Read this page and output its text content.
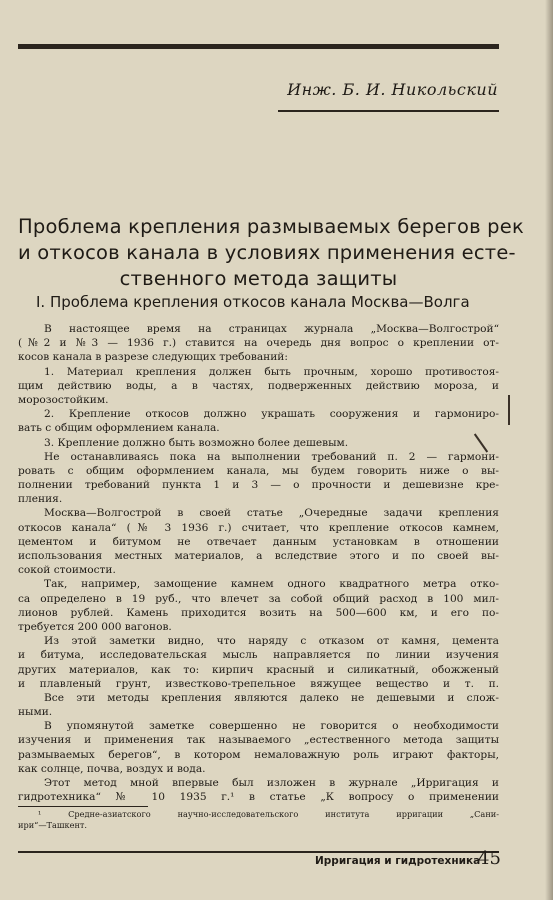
Инж. Б. И. Никольский
Проблема крепления размываемых берегов рек
и откосов канала в условиях применения есте-
ственного метода защиты
I. Проблема крепления откосов канала Москва—Волга
В настоящее время на страницах журнала „Москва—Волгострой“
(№2 и №3 — 1936 г.) ставится на очередь дня вопрос о креплении от-
косов канала в разрезе следующих требований:
1. Материал крепления должен быть прочным, хорошо противостоя-
щим действию воды, а в частях, подверженных действию мороза, и
морозостойким.
2. Крепление откосов должно украшать сооружения и гармониро-
вать с общим оформлением канала.
3. Крепление должно быть возможно более дешевым.
Не останавливаясь пока на выполнении требований п. 2 — гармони-
ровать с общим оформлением канала, мы будем говорить ниже о вы-
полнении требований пункта 1 и 3 — о прочности и дешевизне кре-
пления.
Москва—Волгострой в своей статье „Очередные задачи крепления
откосов канала“ (№ 3 1936 г.) считает, что крепление откосов камнем,
цементом и битумом не отвечает данным установкам в отношении
использования местных материалов, а вследствие этого и по своей вы-
сокой стоимости.
Так, например, замощение камнем одного квадратного метра отко-
са определено в 19 руб., что влечет за собой общий расход в 100 мил-
лионов рублей. Камень приходится возить на 500—600 км, и его по-
требуется 200 000 вагонов.
Из этой заметки видно, что наряду с отказом от камня, цемента
и битума, исследовательская мысль направляется по линии изучения
других материалов, как то: кирпич красный и силикатный, обожженый
и плавленый грунт, известково-трепельное вяжущее вещество и т. п.
Все эти методы крепления являются далеко не дешевыми и слож-
ными.
В упомянутой заметке совершенно не говорится о необходимости
изучения и применения так называемого „естественного метода защиты
размываемых берегов“, в котором немаловажную роль играют факторы,
как солнце, почва, воздух и вода.
Этот метод мной впервые был изложен в журнале „Ирригация и
гидротехника“ № 10 1935 г.¹ в статье „К вопросу о применении
¹ Средне-азиатского научно-исследовательского института ирригации „Сани-
ири“—Ташкент.
Ирригация и гидротехника
45
